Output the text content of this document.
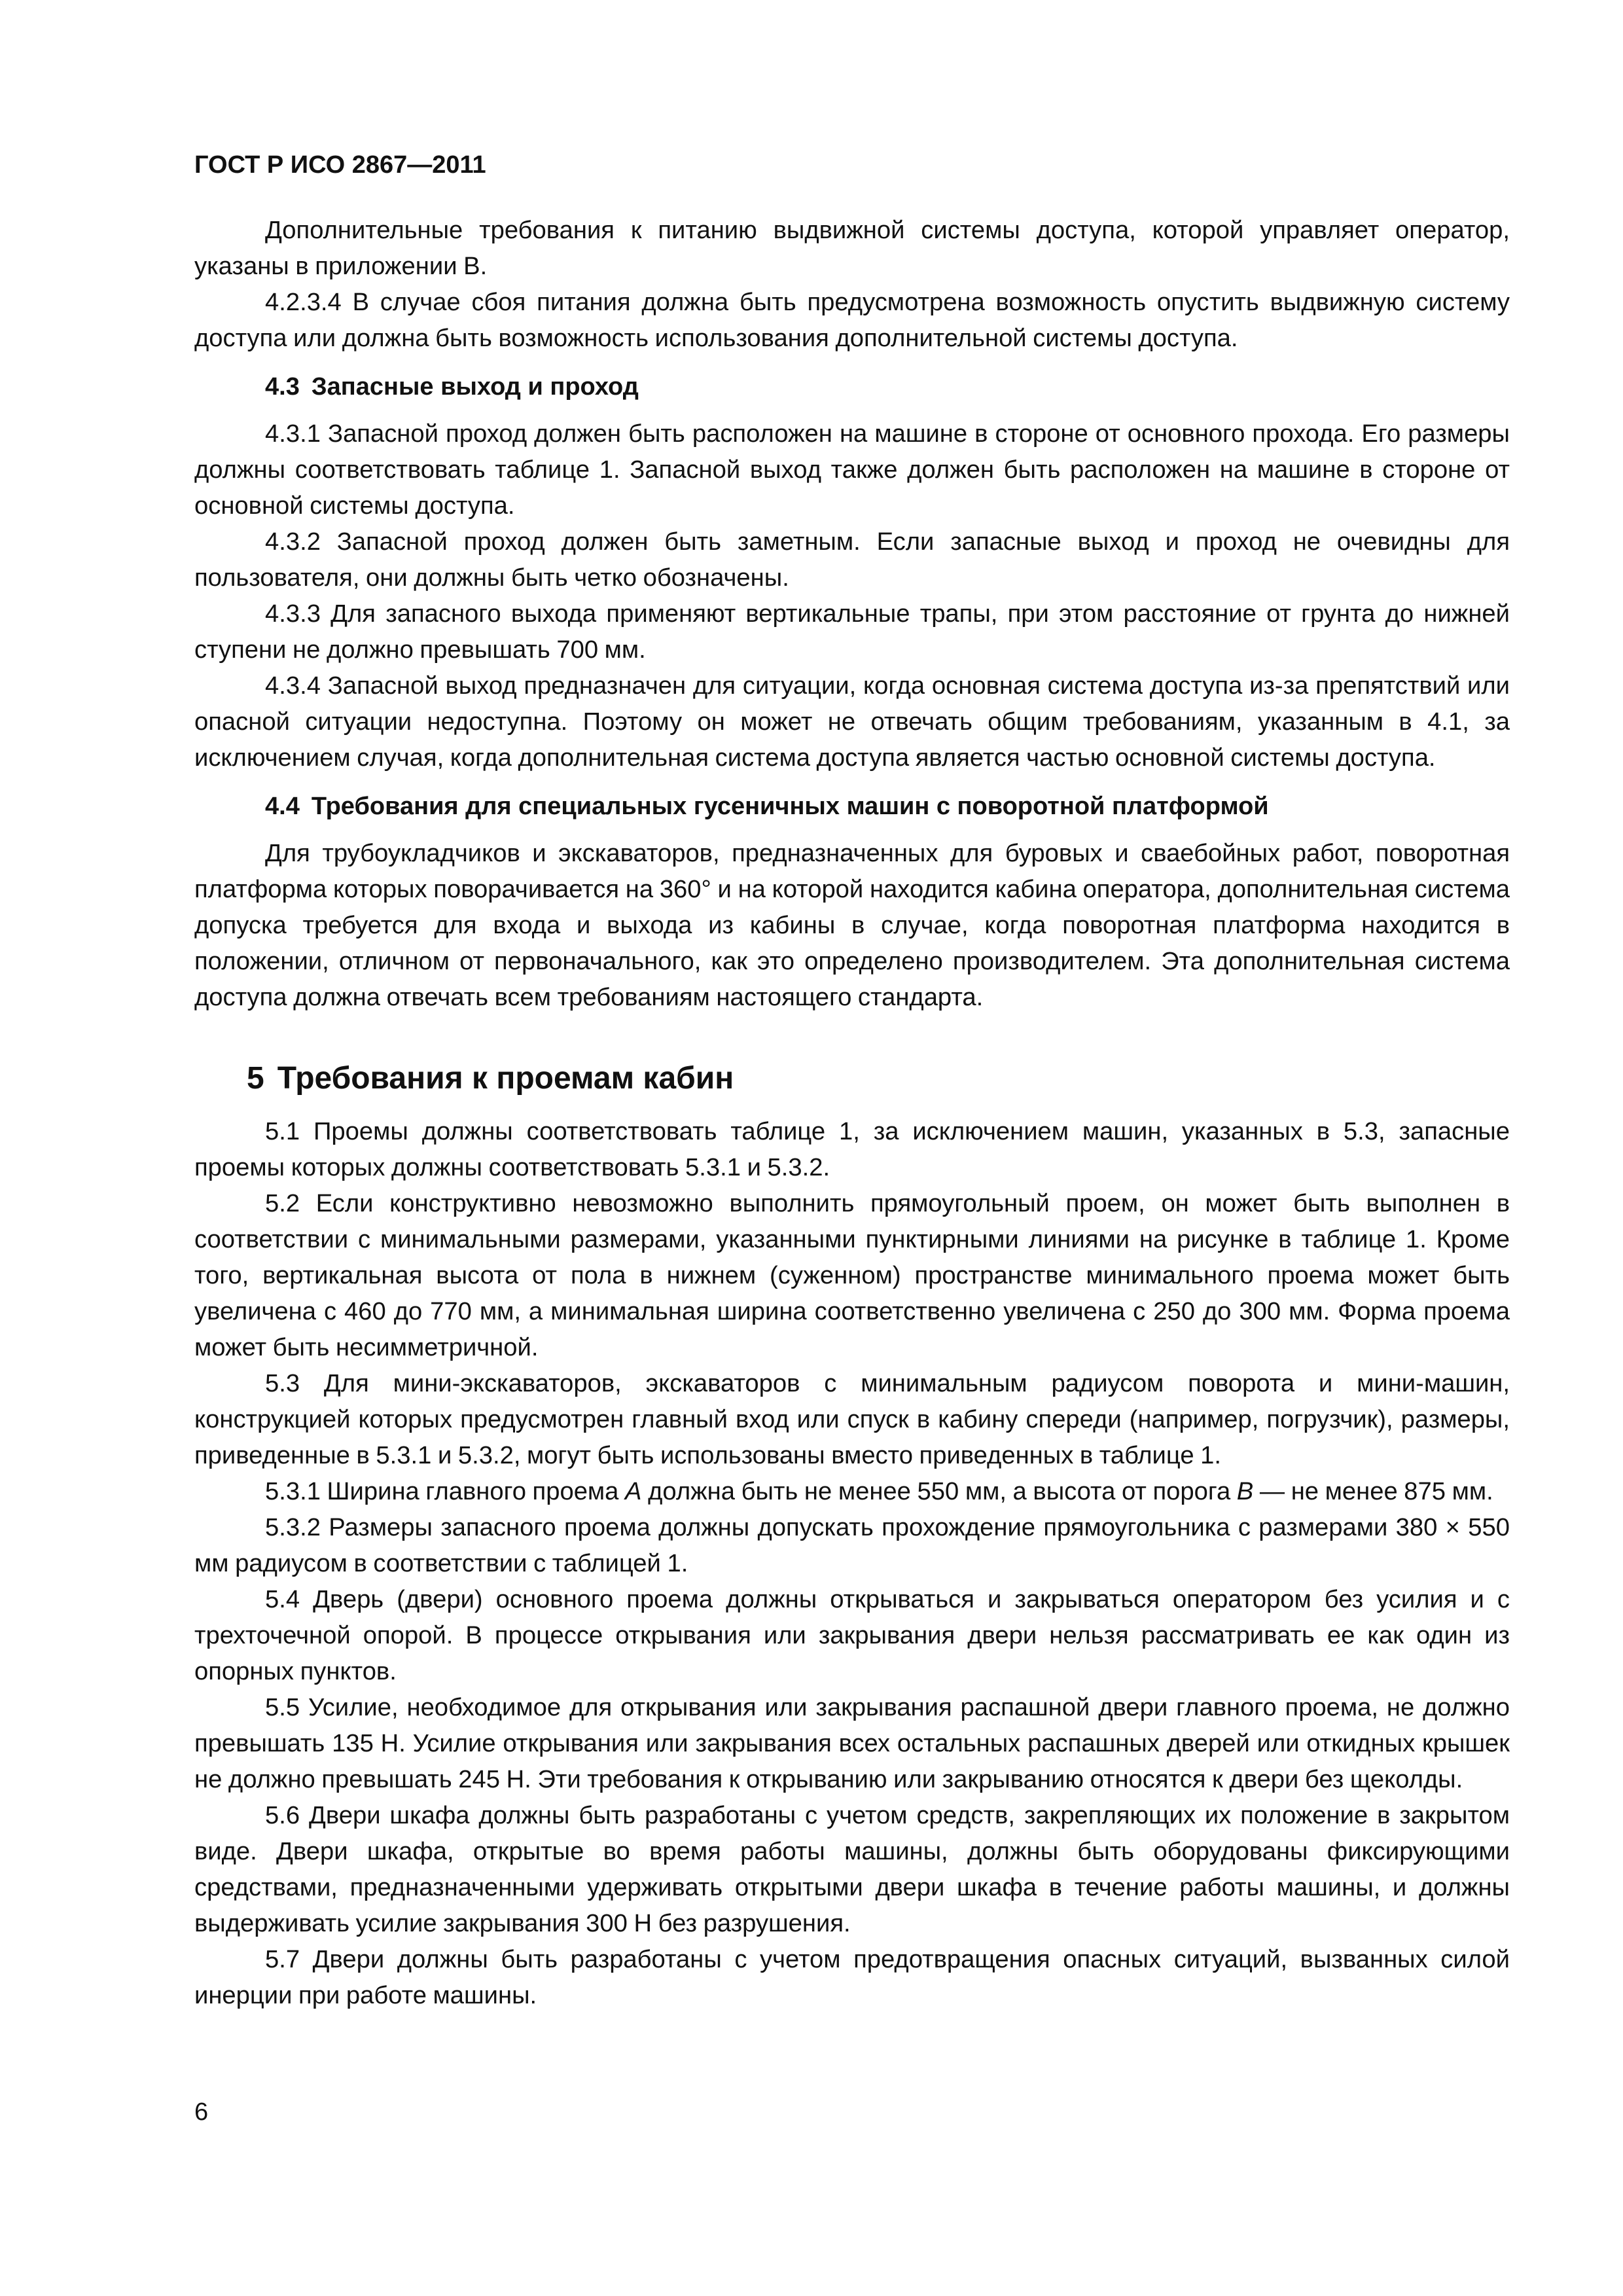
ГОСТ Р ИСО 2867—2011

Дополнительные требования к питанию выдвижной системы доступа, которой управляет оператор, указаны в приложении В.

4.2.3.4 В случае сбоя питания должна быть предусмотрена возможность опустить выдвижную систему доступа или должна быть возможность использования дополнительной системы доступа.

4.3 Запасные выход и проход

4.3.1 Запасной проход должен быть расположен на машине в стороне от основного прохода. Его размеры должны соответствовать таблице 1. Запасной выход также должен быть расположен на машине в стороне от основной системы доступа.

4.3.2 Запасной проход должен быть заметным. Если запасные выход и проход не очевидны для пользователя, они должны быть четко обозначены.

4.3.3 Для запасного выхода применяют вертикальные трапы, при этом расстояние от грунта до нижней ступени не должно превышать 700 мм.

4.3.4 Запасной выход предназначен для ситуации, когда основная система доступа из-за препятствий или опасной ситуации недоступна. Поэтому он может не отвечать общим требованиям, указанным в 4.1, за исключением случая, когда дополнительная система доступа является частью основной системы доступа.

4.4 Требования для специальных гусеничных машин с поворотной платформой

Для трубоукладчиков и экскаваторов, предназначенных для буровых и сваебойных работ, поворотная платформа которых поворачивается на 360° и на которой находится кабина оператора, дополнительная система допуска требуется для входа и выхода из кабины в случае, когда поворотная платформа находится в положении, отличном от первоначального, как это определено производителем. Эта дополнительная система доступа должна отвечать всем требованиям настоящего стандарта.

5 Требования к проемам кабин

5.1 Проемы должны соответствовать таблице 1, за исключением машин, указанных в 5.3, запасные проемы которых должны соответствовать 5.3.1 и 5.3.2.

5.2 Если конструктивно невозможно выполнить прямоугольный проем, он может быть выполнен в соответствии с минимальными размерами, указанными пунктирными линиями на рисунке в таблице 1. Кроме того, вертикальная высота от пола в нижнем (суженном) пространстве минимального проема может быть увеличена с 460 до 770 мм, а минимальная ширина соответственно увеличена с 250 до 300 мм. Форма проема может быть несимметричной.

5.3 Для мини-экскаваторов, экскаваторов с минимальным радиусом поворота и мини-машин, конструкцией которых предусмотрен главный вход или спуск в кабину спереди (например, погрузчик), размеры, приведенные в 5.3.1 и 5.3.2, могут быть использованы вместо приведенных в таблице 1.

5.3.1 Ширина главного проема А должна быть не менее 550 мм, а высота от порога В — не менее 875 мм.

5.3.2 Размеры запасного проема должны допускать прохождение прямоугольника с размерами 380 × 550 мм радиусом в соответствии с таблицей 1.

5.4 Дверь (двери) основного проема должны открываться и закрываться оператором без усилия и с трехточечной опорой. В процессе открывания или закрывания двери нельзя рассматривать ее как один из опорных пунктов.

5.5 Усилие, необходимое для открывания или закрывания распашной двери главного проема, не должно превышать 135 Н. Усилие открывания или закрывания всех остальных распашных дверей или откидных крышек не должно превышать 245 Н. Эти требования к открыванию или закрыванию относятся к двери без щеколды.

5.6 Двери шкафа должны быть разработаны с учетом средств, закрепляющих их положение в закрытом виде. Двери шкафа, открытые во время работы машины, должны быть оборудованы фиксирующими средствами, предназначенными удерживать открытыми двери шкафа в течение работы машины, и должны выдерживать усилие закрывания 300 Н без разрушения.

5.7 Двери должны быть разработаны с учетом предотвращения опасных ситуаций, вызванных силой инерции при работе машины.

6
